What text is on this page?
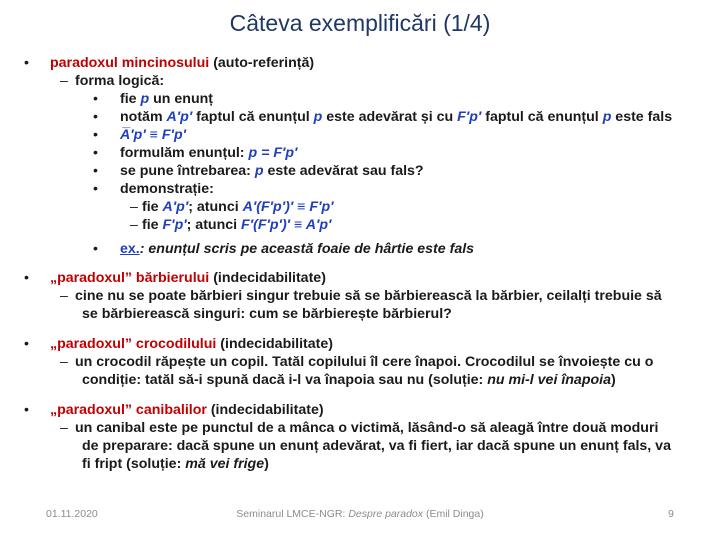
Câteva exemplificări (1/4)
• paradoxul mincinosului (auto-referință)
– forma logică:
• fie p un enunț
• notăm A′p′ faptul că enunțul p este adevărat și cu F′p′ faptul că enunțul p este fals
• A̅′p′ ≡ F′p′
• formulăm enunțul: p = F′p′
• se pune întrebarea: p este adevărat sau fals?
• demonstrație:
– fie A′p′; atunci A′(F′p′)′ ≡ F′p′
– fie F′p′; atunci F′(F′p′)′ ≡ A′p′
• ex.: enunțul scris pe această foaie de hârtie este fals
• „paradoxul” bărbierului (indecidabilitate)
– cine nu se poate bărbieri singur trebuie să se bărbierească la bărbier, ceilalți trebuie să
se bărbierească singuri: cum se bărbierește bărbierul?
• „paradoxul” crocodilului (indecidabilitate)
– un crocodil răpește un copil. Tatăl copilului îl cere înapoi. Crocodilul se învoiește cu o
condiție: tatăl să-i spună dacă i-l va înapoia sau nu (soluție: nu mi-l vei înapoia)
• „paradoxul” canibalilor (indecidabilitate)
– un canibal este pe punctul de a mânca o victimă, lăsând-o să aleagă între două moduri
de preparare: dacă spune un enunț adevărat, va fi fiert, iar dacă spune un enunț fals, va
fi fript (soluție: mă vei frige)
01.11.2020	Seminarul LMCE-NGR: Despre paradox (Emil Dinga)	9
